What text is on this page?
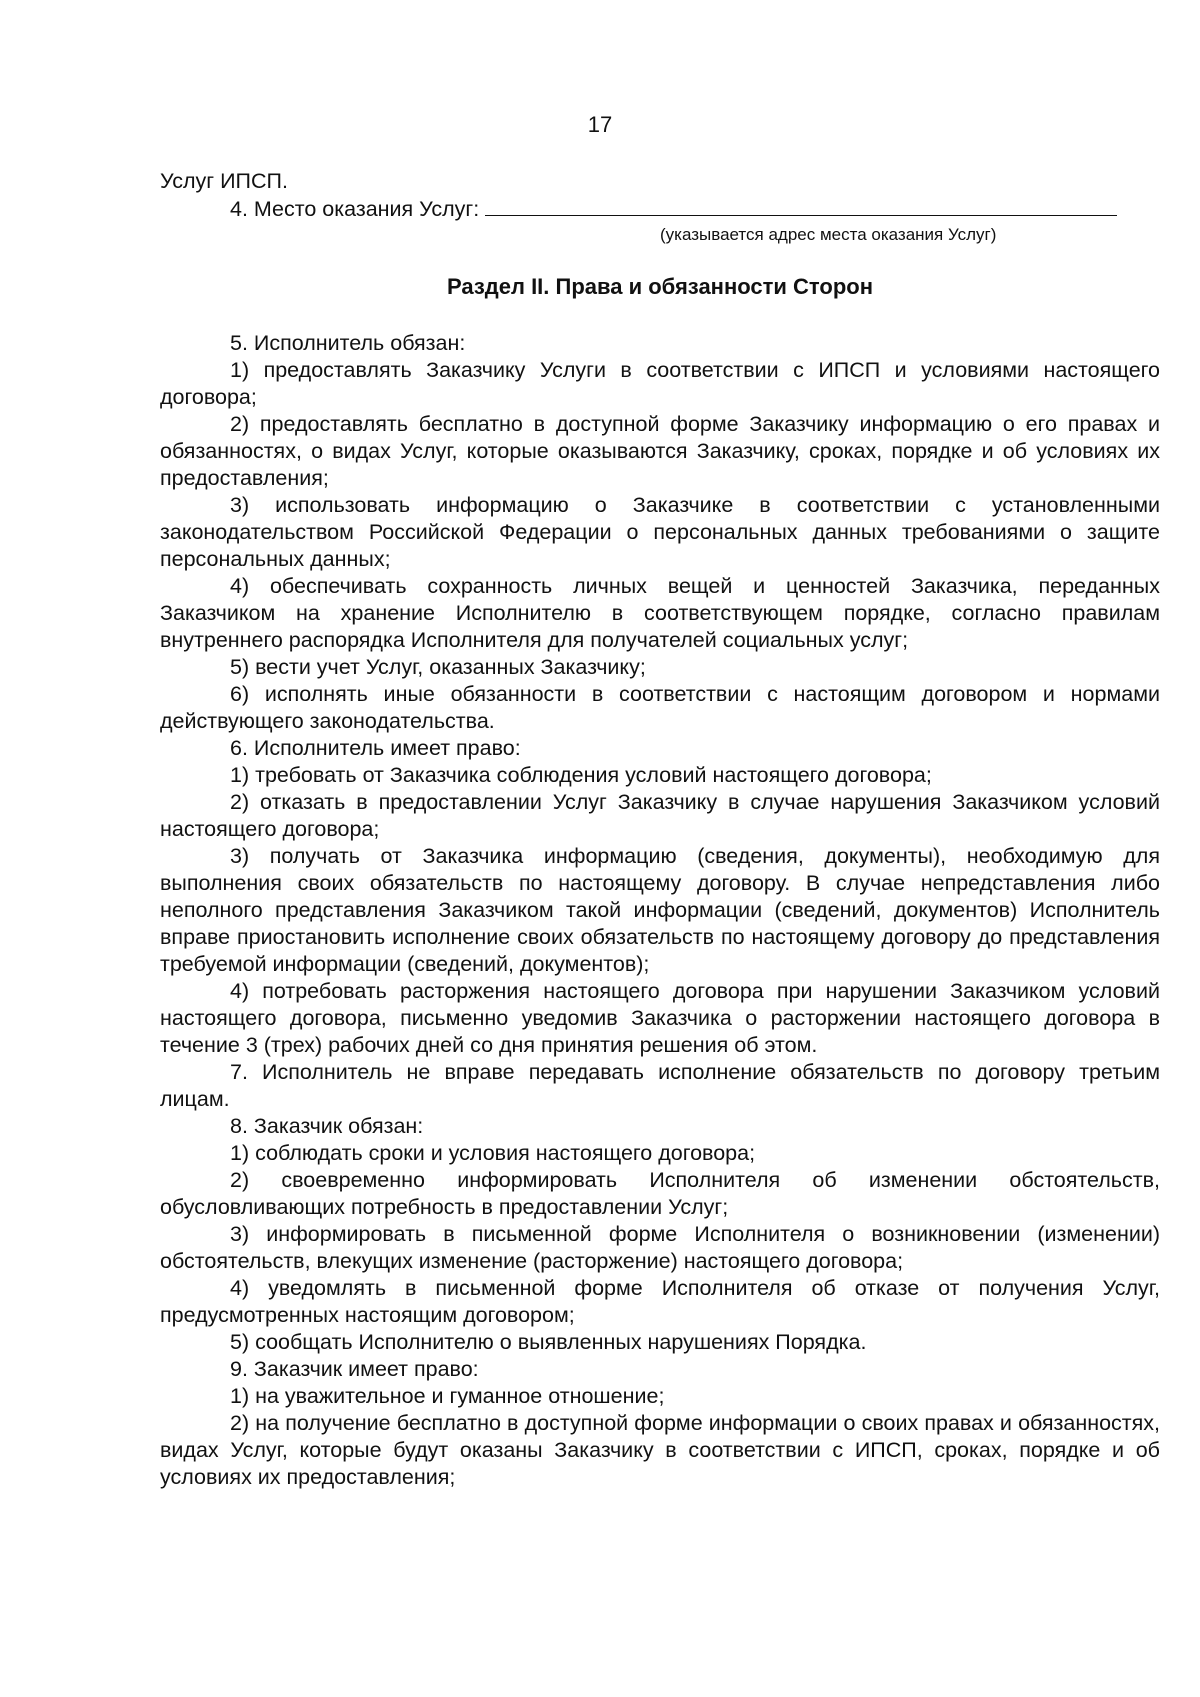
17

Услуг ИПСП.

4. Место оказания Услуг:

(указывается адрес места оказания Услуг)

Раздел II. Права и обязанности Сторон

5. Исполнитель обязан:

1) предоставлять Заказчику Услуги в соответствии с ИПСП и условиями настоящего договора;

2) предоставлять бесплатно в доступной форме Заказчику информацию о его правах и обязанностях, о видах Услуг, которые оказываются Заказчику, сроках, порядке и об условиях их предоставления;

3) использовать информацию о Заказчике в соответствии с установленными законодательством Российской Федерации о персональных данных требованиями о защите персональных данных;

4) обеспечивать сохранность личных вещей и ценностей Заказчика, переданных Заказчиком на хранение Исполнителю в соответствующем порядке, согласно правилам внутреннего распорядка Исполнителя для получателей социальных услуг;

5) вести учет Услуг, оказанных Заказчику;

6) исполнять иные обязанности в соответствии с настоящим договором и нормами действующего законодательства.

6. Исполнитель имеет право:

1) требовать от Заказчика соблюдения условий настоящего договора;

2) отказать в предоставлении Услуг Заказчику в случае нарушения Заказчиком условий настоящего договора;

3) получать от Заказчика информацию (сведения, документы), необходимую для выполнения своих обязательств по настоящему договору. В случае непредставления либо неполного представления Заказчиком такой информации (сведений, документов) Исполнитель вправе приостановить исполнение своих обязательств по настоящему договору до представления требуемой информации (сведений, документов);

4) потребовать расторжения настоящего договора при нарушении Заказчиком условий настоящего договора, письменно уведомив Заказчика о расторжении настоящего договора в течение 3 (трех) рабочих дней со дня принятия решения об этом.

7. Исполнитель не вправе передавать исполнение обязательств по договору третьим лицам.

8. Заказчик обязан:

1) соблюдать сроки и условия настоящего договора;

2) своевременно информировать Исполнителя об изменении обстоятельств, обусловливающих потребность в предоставлении Услуг;

3) информировать в письменной форме Исполнителя о возникновении (изменении) обстоятельств, влекущих изменение (расторжение) настоящего договора;

4) уведомлять в письменной форме Исполнителя об отказе от получения Услуг, предусмотренных настоящим договором;

5) сообщать Исполнителю о выявленных нарушениях Порядка.

9. Заказчик имеет право:

1) на уважительное и гуманное отношение;

2) на получение бесплатно в доступной форме информации о своих правах и обязанностях, видах Услуг, которые будут оказаны Заказчику в соответствии с ИПСП, сроках, порядке и об условиях их предоставления;
